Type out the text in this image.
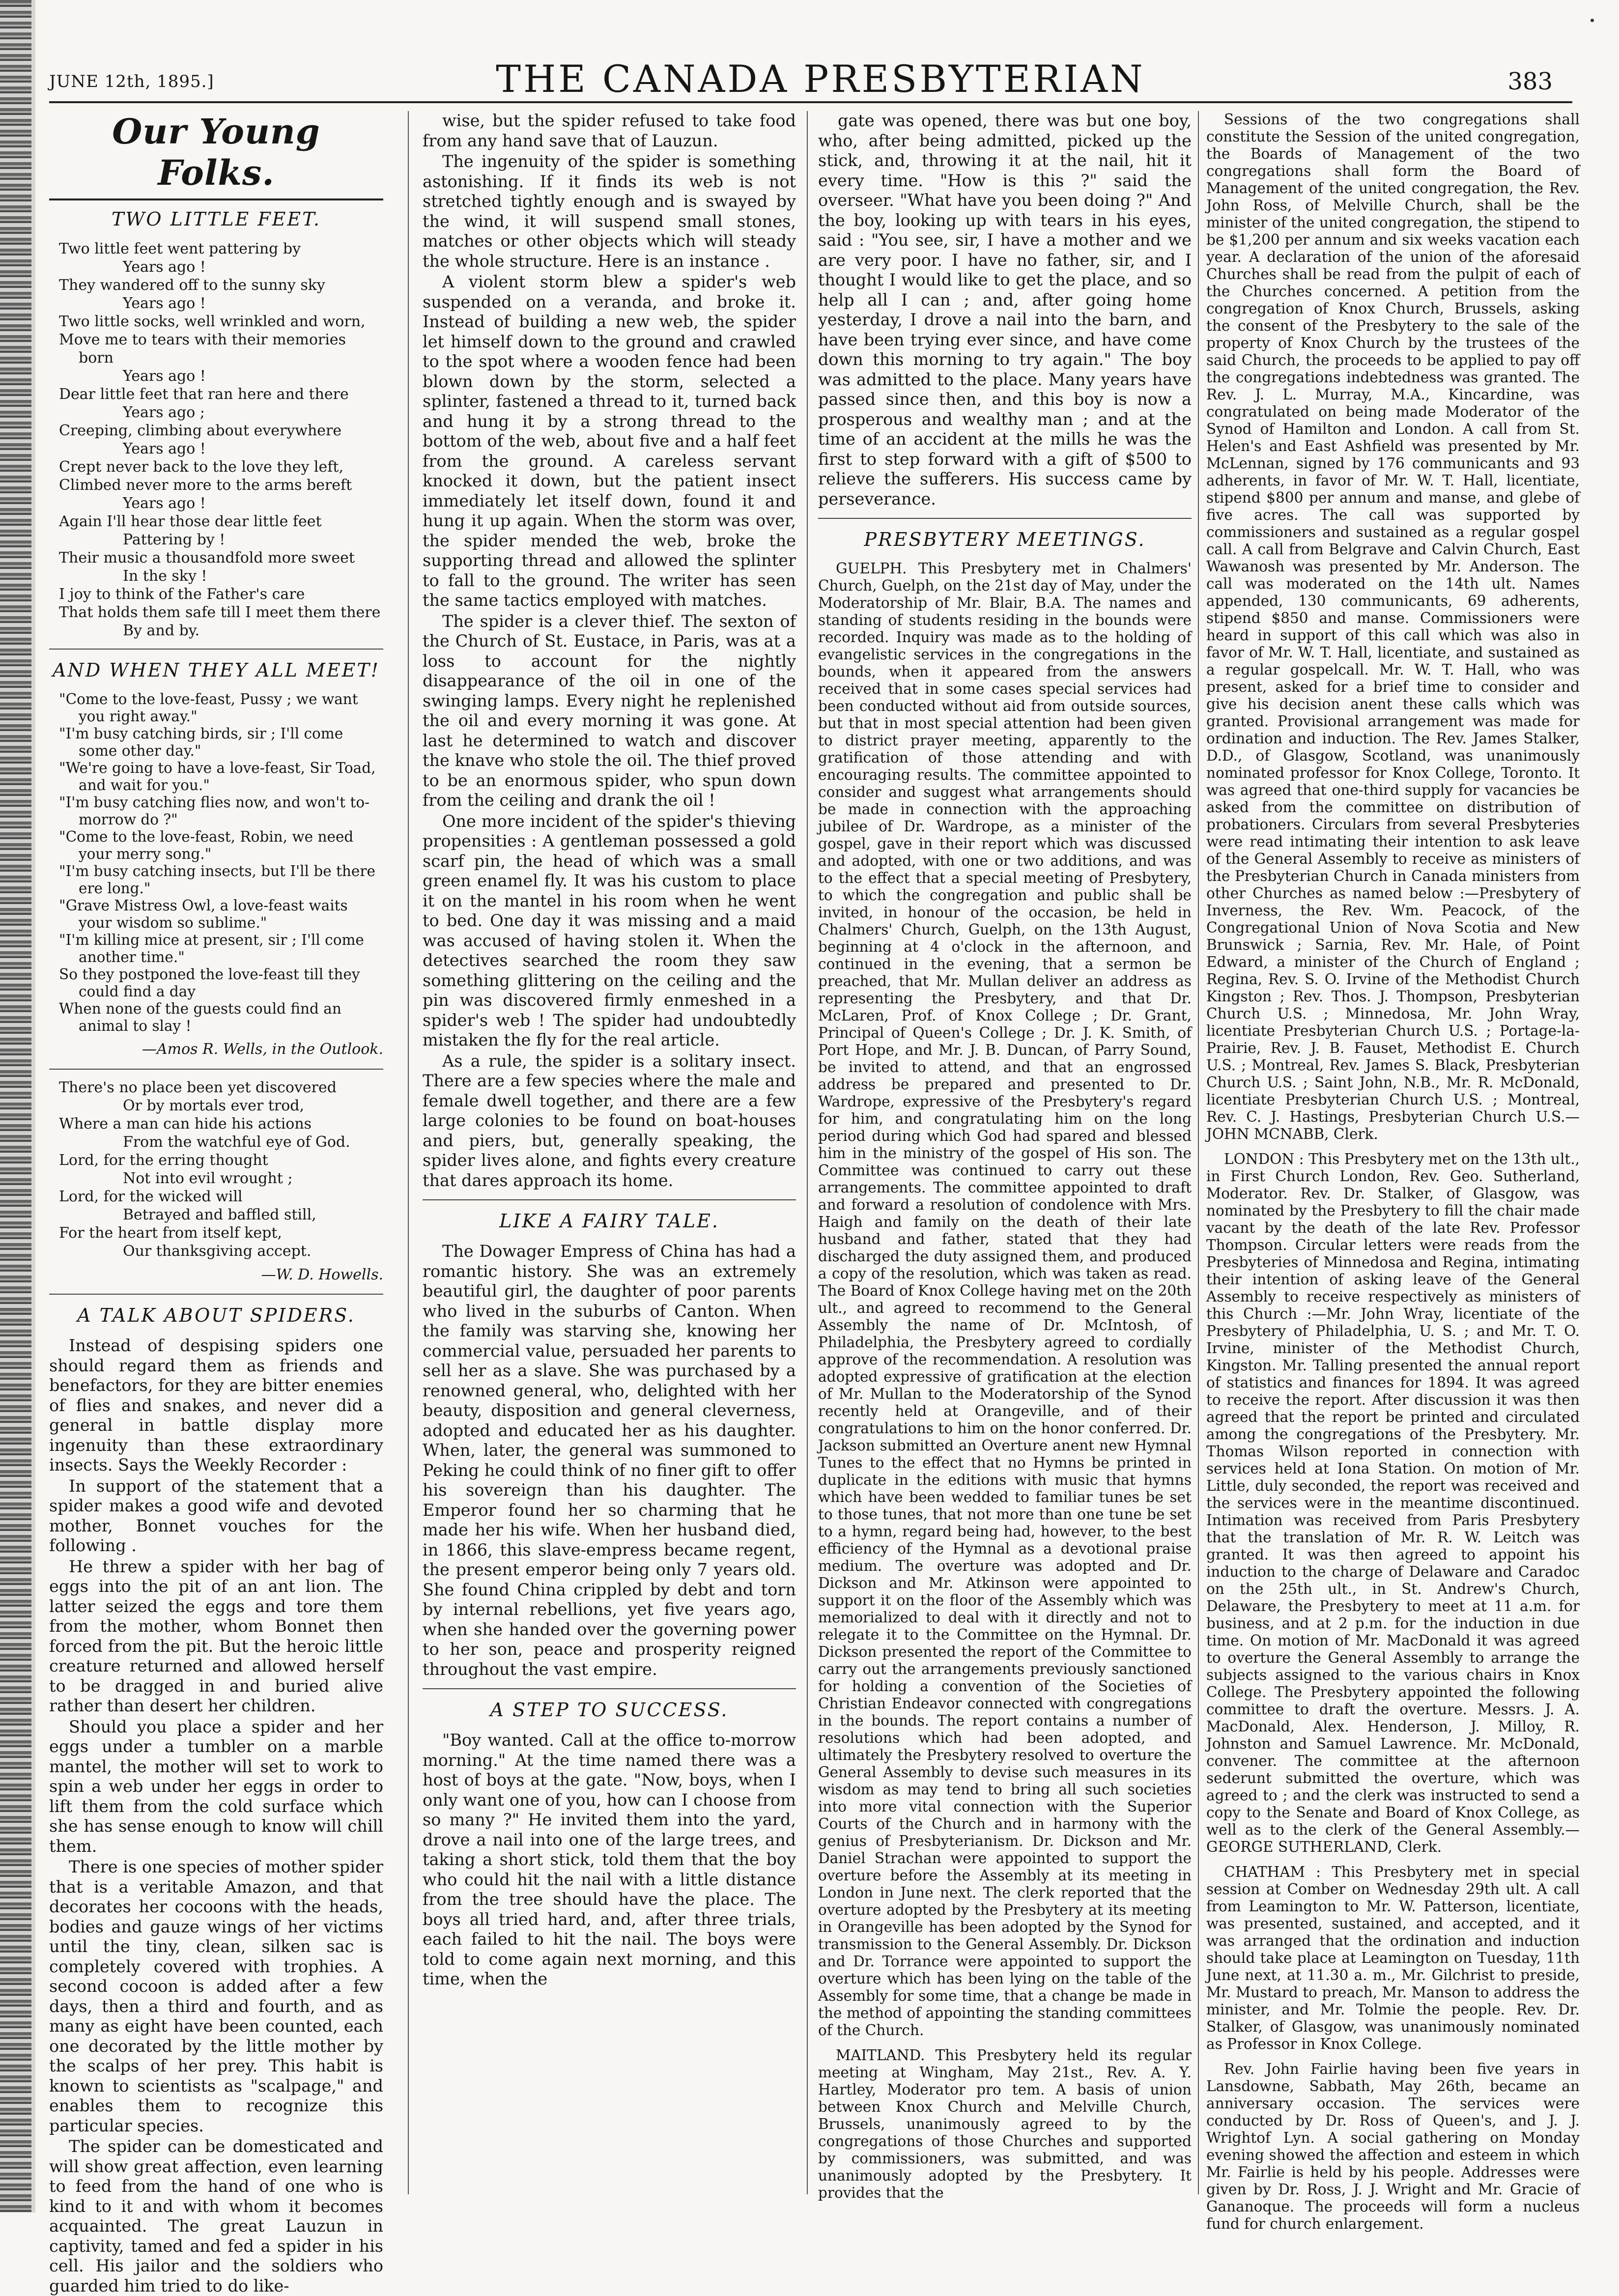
JUNE 12th, 1895.]	THE CANADA PRESBYTERIAN	383
Our Young Folks.
TWO LITTLE FEET.
Two little feet went pattering by
Years ago !
They wandered off to the sunny sky
Years ago !
Two little socks, well wrinkled and worn,
Move me to tears with their memories born
Years ago !
Dear little feet that ran here and there
Years ago ;
Creeping, climbing about everywhere
Years ago !
Crept never back to the love they left,
Climbed never more to the arms bereft
Years ago !
Again I'll hear those dear little feet
Pattering by !
Their music a thousandfold more sweet
In the sky !
I joy to think of the Father's care
That holds them safe till I meet them there
By and by.
AND WHEN THEY ALL MEET!
"Come to the love-feast, Pussy ; we want you right away."
"I'm busy catching birds, sir ; I'll come some other day."
"We're going to have a love-feast, Sir Toad, and wait for you."
"I'm busy catching flies now, and won't to-morrow do ?"
"Come to the love-feast, Robin, we need your merry song."
"I'm busy catching insects, but I'll be there ere long."
"Grave Mistress Owl, a love-feast waits your wisdom so sublime."
"I'm killing mice at present, sir ; I'll come another time."
So they postponed the love-feast till they could find a day
When none of the guests could find an animal to slay !
—Amos R. Wells, in the Outlook.
There's no place been yet discovered
Or by mortals ever trod,
Where a man can hide his actions
From the watchful eye of God.
Lord, for the erring thought
Not into evil wrought ;
Lord, for the wicked will
Betrayed and baffled still,
For the heart from itself kept,
Our thanksgiving accept.
—W. D. Howells.
A TALK ABOUT SPIDERS.

Instead of despising spiders one should regard them as friends and benefactors, for they are bitter enemies of flies and snakes, and never did a general in battle display more ingenuity than these extraordinary insects. Says the Weekly Recorder :

In support of the statement that a spider makes a good wife and devoted mother, Bonnet vouches for the following .

He threw a spider with her bag of eggs into the pit of an ant lion. The latter seized the eggs and tore them from the mother, whom Bonnet then forced from the pit. But the heroic little creature returned and allowed herself to be dragged in and buried alive rather than desert her children.

Should you place a spider and her eggs under a tumbler on a marble mantel, the mother will set to work to spin a web under her eggs in order to lift them from the cold surface which she has sense enough to know will chill them.

There is one species of mother spider that is a veritable Amazon, and that decorates her cocoons with the heads, bodies and gauze wings of her victims until the tiny, clean, silken sac is completely covered with trophies. A second cocoon is added after a few days, then a third and fourth, and as many as eight have been counted, each one decorated by the little mother by the scalps of her prey. This habit is known to scientists as "scalpage," and enables them to recognize this particular species.

The spider can be domesticated and will show great affection, even learning to feed from the hand of one who is kind to it and with whom it becomes acquainted. The great Lauzun in captivity, tamed and fed a spider in his cell. His jailor and the soldiers who guarded him tried to do like-

wise, but the spider refused to take food from any hand save that of Lauzun.

The ingenuity of the spider is something astonishing. If it finds its web is not stretched tightly enough and is swayed by the wind, it will suspend small stones, matches or other objects which will steady the whole structure. Here is an instance .

A violent storm blew a spider's web suspended on a veranda, and broke it. Instead of building a new web, the spider let himself down to the ground and crawled to the spot where a wooden fence had been blown down by the storm, selected a splinter, fastened a thread to it, turned back and hung it by a strong thread to the bottom of the web, about five and a half feet from the ground. A careless servant knocked it down, but the patient insect immediately let itself down, found it and hung it up again. When the storm was over, the spider mended the web, broke the supporting thread and allowed the splinter to fall to the ground. The writer has seen the same tactics employed with matches.

The spider is a clever thief. The sexton of the Church of St. Eustace, in Paris, was at a loss to account for the nightly disappearance of the oil in one of the swinging lamps. Every night he replenished the oil and every morning it was gone. At last he determined to watch and discover the knave who stole the oil. The thief proved to be an enormous spider, who spun down from the ceiling and drank the oil !

One more incident of the spider's thieving propensities : A gentleman possessed a gold scarf pin, the head of which was a small green enamel fly. It was his custom to place it on the mantel in his room when he went to bed. One day it was missing and a maid was accused of having stolen it. When the detectives searched the room they saw something glittering on the ceiling and the pin was discovered firmly enmeshed in a spider's web ! The spider had undoubtedly mistaken the fly for the real article.

As a rule, the spider is a solitary insect. There are a few species where the male and female dwell together, and there are a few large colonies to be found on boat-houses and piers, but, generally speaking, the spider lives alone, and fights every creature that dares approach its home.

LIKE A FAIRY TALE.

The Dowager Empress of China has had a romantic history. She was an extremely beautiful girl, the daughter of poor parents who lived in the suburbs of Canton. When the family was starving she, knowing her commercial value, persuaded her parents to sell her as a slave. She was purchased by a renowned general, who, delighted with her beauty, disposition and general cleverness, adopted and educated her as his daughter. When, later, the general was summoned to Peking he could think of no finer gift to offer his sovereign than his daughter. The Emperor found her so charming that he made her his wife. When her husband died, in 1866, this slave-empress became regent, the present emperor being only 7 years old. She found China crippled by debt and torn by internal rebellions, yet five years ago, when she handed over the governing power to her son, peace and prosperity reigned throughout the vast empire.

A STEP TO SUCCESS.

"Boy wanted. Call at the office to-morrow morning." At the time named there was a host of boys at the gate. "Now, boys, when I only want one of you, how can I choose from so many ?" He invited them into the yard, drove a nail into one of the large trees, and taking a short stick, told them that the boy who could hit the nail with a little distance from the tree should have the place. The boys all tried hard, and, after three trials, each failed to hit the nail. The boys were told to come again next morning, and this time, when the

gate was opened, there was but one boy, who, after being admitted, picked up the stick, and, throwing it at the nail, hit it every time. "How is this ?" said the overseer. "What have you been doing ?" And the boy, looking up with tears in his eyes, said : "You see, sir, I have a mother and we are very poor. I have no father, sir, and I thought I would like to get the place, and so help all I can ; and, after going home yesterday, I drove a nail into the barn, and have been trying ever since, and have come down this morning to try again." The boy was admitted to the place. Many years have passed since then, and this boy is now a prosperous and wealthy man ; and at the time of an accident at the mills he was the first to step forward with a gift of $500 to relieve the sufferers. His success came by perseverance.

PRESBYTERY MEETINGS.

GUELPH. This Presbytery met in Chalmers' Church, Guelph, on the 21st day of May, under the Moderatorship of Mr. Blair, B.A. The names and standing of students residing in the bounds were recorded. Inquiry was made as to the holding of evangelistic services in the congregations in the bounds, when it appeared from the answers received that in some cases special services had been conducted without aid from outside sources, but that in most special attention had been given to district prayer meeting, apparently to the gratification of those attending and with encouraging results. The committee appointed to consider and suggest what arrangements should be made in connection with the approaching jubilee of Dr. Wardrope, as a minister of the gospel, gave in their report which was discussed and adopted, with one or two additions, and was to the effect that a special meeting of Presbytery, to which the congregation and public shall be invited, in honour of the occasion, be held in Chalmers' Church, Guelph, on the 13th August, beginning at 4 o'clock in the afternoon, and continued in the evening, that a sermon be preached, that Mr. Mullan deliver an address as representing the Presbytery, and that Dr. McLaren, Prof. of Knox College ; Dr. Grant, Principal of Queen's College ; Dr. J. K. Smith, of Port Hope, and Mr. J. B. Duncan, of Parry Sound, be invited to attend, and that an engrossed address be prepared and presented to Dr. Wardrope, expressive of the Presbytery's regard for him, and congratulating him on the long period during which God had spared and blessed him in the ministry of the gospel of His son. The Committee was continued to carry out these arrangements. The committee appointed to draft and forward a resolution of condolence with Mrs. Haigh and family on the death of their late husband and father, stated that they had discharged the duty assigned them, and produced a copy of the resolution, which was taken as read. The Board of Knox College having met on the 20th ult., and agreed to recommend to the General Assembly the name of Dr. McIntosh, of Philadelphia, the Presbytery agreed to cordially approve of the recommendation. A resolution was adopted expressive of gratification at the election of Mr. Mullan to the Moderatorship of the Synod recently held at Orangeville, and of their congratulations to him on the honor conferred. Dr. Jackson submitted an Overture anent new Hymnal Tunes to the effect that no Hymns be printed in duplicate in the editions with music that hymns which have been wedded to familiar tunes be set to those tunes, that not more than one tune be set to a hymn, regard being had, however, to the best efficiency of the Hymnal as a devotional praise medium. The overture was adopted and Dr. Dickson and Mr. Atkinson were appointed to support it on the floor of the Assembly which was memorialized to deal with it directly and not to relegate it to the Committee on the Hymnal. Dr. Dickson presented the report of the Committee to carry out the arrangements previously sanctioned for holding a convention of the Societies of Christian Endeavor connected with congregations in the bounds. The report contains a number of resolutions which had been adopted, and ultimately the Presbytery resolved to overture the General Assembly to devise such measures in its wisdom as may tend to bring all such societies into more vital connection with the Superior Courts of the Church and in harmony with the genius of Presbyterianism. Dr. Dickson and Mr. Daniel Strachan were appointed to support the overture before the Assembly at its meeting in London in June next. The clerk reported that the overture adopted by the Presbytery at its meeting in Orangeville has been adopted by the Synod for transmission to the General Assembly. Dr. Dickson and Dr. Torrance were appointed to support the overture which has been lying on the table of the Assembly for some time, that a change be made in the method of appointing the standing committees of the Church.

MAITLAND. This Presbytery held its regular meeting at Wingham, May 21st., Rev. A. Y. Hartley, Moderator pro tem. A basis of union between Knox Church and Melville Church, Brussels, unanimously agreed to by the congregations of those Churches and supported by commissioners, was submitted, and was unanimously adopted by the Presbytery. It provides that the

Sessions of the two congregations shall constitute the Session of the united congregation, the Boards of Management of the two congregations shall form the Board of Management of the united congregation, the Rev. John Ross, of Melville Church, shall be the minister of the united congregation, the stipend to be $1,200 per annum and six weeks vacation each year. A declaration of the union of the aforesaid Churches shall be read from the pulpit of each of the Churches concerned. A petition from the congregation of Knox Church, Brussels, asking the consent of the Presbytery to the sale of the property of Knox Church by the trustees of the said Church, the proceeds to be applied to pay off the congregations indebtedness was granted. The Rev. J. L. Murray, M.A., Kincardine, was congratulated on being made Moderator of the Synod of Hamilton and London. A call from St. Helen's and East Ashfield was presented by Mr. McLennan, signed by 176 communicants and 93 adherents, in favor of Mr. W. T. Hall, licentiate, stipend $800 per annum and manse, and glebe of five acres. The call was supported by commissioners and sustained as a regular gospel call. A call from Belgrave and Calvin Church, East Wawanosh was presented by Mr. Anderson. The call was moderated on the 14th ult. Names appended, 130 communicants, 69 adherents, stipend $850 and manse. Commissioners were heard in support of this call which was also in favor of Mr. W. T. Hall, licentiate, and sustained as a regular gospelcall. Mr. W. T. Hall, who was present, asked for a brief time to consider and give his decision anent these calls which was granted. Provisional arrangement was made for ordination and induction. The Rev. James Stalker, D.D., of Glasgow, Scotland, was unanimously nominated professor for Knox College, Toronto. It was agreed that one-third supply for vacancies be asked from the committee on distribution of probationers. Circulars from several Presbyteries were read intimating their intention to ask leave of the General Assembly to receive as ministers of the Presbyterian Church in Canada ministers from other Churches as named below :—Presbytery of Inverness, the Rev. Wm. Peacock, of the Congregational Union of Nova Scotia and New Brunswick ; Sarnia, Rev. Mr. Hale, of Point Edward, a minister of the Church of England ; Regina, Rev. S. O. Irvine of the Methodist Church Kingston ; Rev. Thos. J. Thompson, Presbyterian Church U.S. ; Minnedosa, Mr. John Wray, licentiate Presbyterian Church U.S. ; Portage-la-Prairie, Rev. J. B. Fauset, Methodist E. Church U.S. ; Montreal, Rev. James S. Black, Presbyterian Church U.S. ; Saint John, N.B., Mr. R. McDonald, licentiate Presbyterian Church U.S. ; Montreal, Rev. C. J. Hastings, Presbyterian Church U.S.—JOHN MCNABB, Clerk.

LONDON : This Presbytery met on the 13th ult., in First Church London, Rev. Geo. Sutherland, Moderator. Rev. Dr. Stalker, of Glasgow, was nominated by the Presbytery to fill the chair made vacant by the death of the late Rev. Professor Thompson. Circular letters were reads from the Presbyteries of Minnedosa and Regina, intimating their intention of asking leave of the General Assembly to receive respectively as ministers of this Church :—Mr. John Wray, licentiate of the Presbytery of Philadelphia, U. S. ; and Mr. T. O. Irvine, minister of the Methodist Church, Kingston. Mr. Talling presented the annual report of statistics and finances for 1894. It was agreed to receive the report. After discussion it was then agreed that the report be printed and circulated among the congregations of the Presbytery. Mr. Thomas Wilson reported in connection with services held at Iona Station. On motion of Mr. Little, duly seconded, the report was received and the services were in the meantime discontinued. Intimation was received from Paris Presbytery that the translation of Mr. R. W. Leitch was granted. It was then agreed to appoint his induction to the charge of Delaware and Caradoc on the 25th ult., in St. Andrew's Church, Delaware, the Presbytery to meet at 11 a.m. for business, and at 2 p.m. for the induction in due time. On motion of Mr. MacDonald it was agreed to overture the General Assembly to arrange the subjects assigned to the various chairs in Knox College. The Presbytery appointed the following committee to draft the overture. Messrs. J. A. MacDonald, Alex. Henderson, J. Milloy, R. Johnston and Samuel Lawrence. Mr. McDonald, convener. The committee at the afternoon sederunt submitted the overture, which was agreed to ; and the clerk was instructed to send a copy to the Senate and Board of Knox College, as well as to the clerk of the General Assembly.—GEORGE SUTHERLAND, Clerk.

CHATHAM : This Presbytery met in special session at Comber on Wednesday 29th ult. A call from Leamington to Mr. W. Patterson, licentiate, was presented, sustained, and accepted, and it was arranged that the ordination and induction should take place at Leamington on Tuesday, 11th June next, at 11.30 a. m., Mr. Gilchrist to preside, Mr. Mustard to preach, Mr. Manson to address the minister, and Mr. Tolmie the people. Rev. Dr. Stalker, of Glasgow, was unanimously nominated as Professor in Knox College.

Rev. John Fairlie having been five years in Lansdowne, Sabbath, May 26th, became an anniversary occasion. The services were conducted by Dr. Ross of Queen's, and J. J. Wrightof Lyn. A social gathering on Monday evening showed the affection and esteem in which Mr. Fairlie is held by his people. Addresses were given by Dr. Ross, J. J. Wright and Mr. Gracie of Gananoque. The proceeds will form a nucleus fund for church enlargement.
